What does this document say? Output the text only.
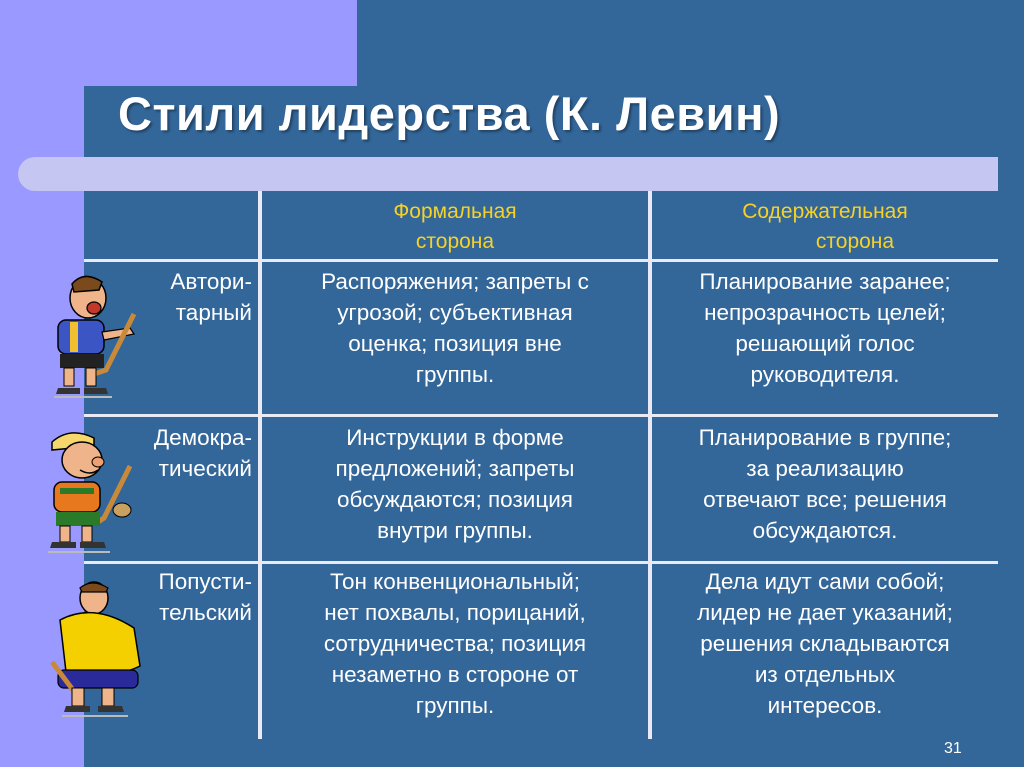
Стили лидерства (К. Левин)
Формальная
сторона
Содержательная
сторона
Автори-
тарный
Распоряжения; запреты с
угрозой; субъективная
оценка; позиция вне
группы.
Планирование заранее;
непрозрачность целей;
решающий голос
руководителя.
Демокра-
тический
Инструкции в форме
предложений; запреты
обсуждаются; позиция
внутри группы.
Планирование в группе;
за реализацию
отвечают все; решения
обсуждаются.
Попусти-
тельский
Тон конвенциональный;
нет похвалы, порицаний,
сотрудничества; позиция
незаметно в стороне от
группы.
Дела идут сами собой;
лидер не дает указаний;
решения складываются
из отдельных
интересов.
31
